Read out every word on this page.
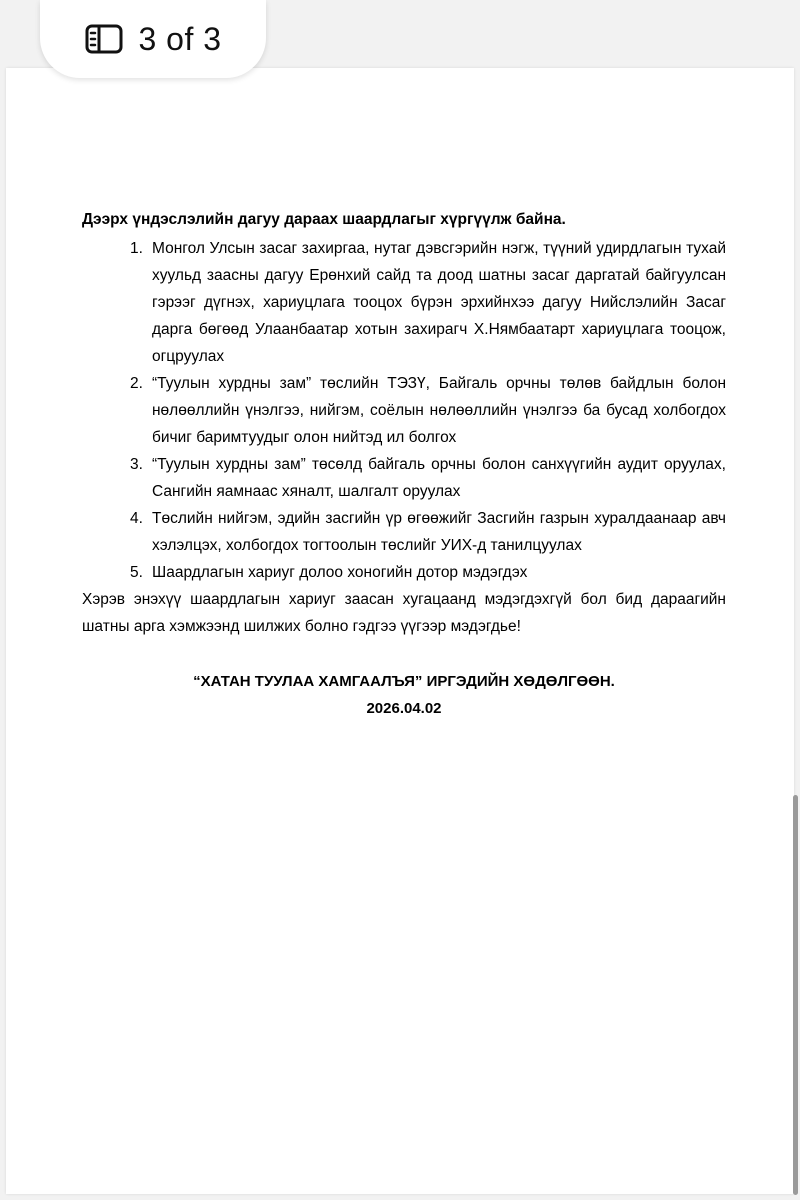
Дээрх үндэслэлийн дагуу дараах шаардлагыг хүргүүлж байна.

1. Монгол Улсын засаг захиргаа, нутаг дэвсгэрийн нэгж, түүний удирдлагын тухай хуульд заасны дагуу Ерөнхий сайд та доод шатны засаг даргатай байгуулсан гэрээг дүгнэх, хариуцлага тооцох бүрэн эрхийнхээ дагуу Нийслэлийн Засаг дарга бөгөөд Улаанбаатар хотын захирагч Х.Нямбаатарт хариуцлага тооцож, огцруулах
2. “Туулын хурдны зам” төслийн ТЭЗҮ, Байгаль орчны төлөв байдлын болон нөлөөллийн үнэлгээ, нийгэм, соёлын нөлөөллийн үнэлгээ ба бусад холбогдох бичиг баримтуудыг олон нийтэд ил болгох
3. “Туулын хурдны зам” төсөлд байгаль орчны болон санхүүгийн аудит оруулах, Сангийн яамнаас хяналт, шалгалт оруулах
4. Төслийн нийгэм, эдийн засгийн үр өгөөжийг Засгийн газрын хуралдаанаар авч хэлэлцэх, холбогдох тогтоолын төслийг УИХ-д танилцуулах
5. Шаардлагын хариуг долоо хоногийн дотор мэдэгдэх

Хэрэв энэхүү шаардлагын хариуг заасан хугацаанд мэдэгдэхгүй бол бид дараагийн шатны арга хэмжээнд шилжих болно гэдгээ үүгээр мэдэгдье!

“ХАТАН ТУУЛАА ХАМГААЛЪЯ” ИРГЭДИЙН ХӨДӨЛГӨӨН.
2026.04.02
3 of 3
